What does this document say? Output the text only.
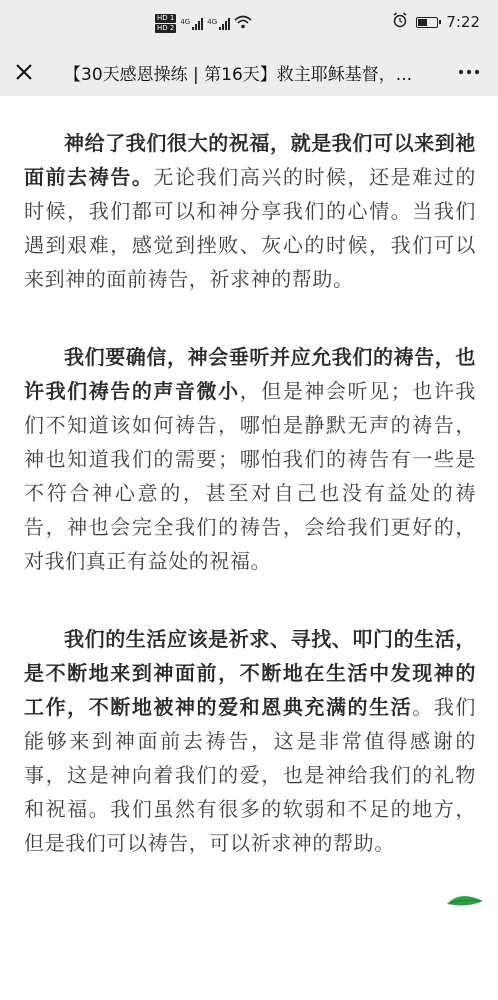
HD 1
HD 2
4G 4G	7:22
【30天感恩操练 | 第16天】救主耶稣基督，...

神给了我们很大的祝福，就是我们可以来到祂面前去祷告。无论我们高兴的时候，还是难过的时候，我们都可以和神分享我们的心情。当我们遇到艰难，感觉到挫败、灰心的时候，我们可以来到神的面前祷告，祈求神的帮助。

我们要确信，神会垂听并应允我们的祷告，也许我们祷告的声音微小，但是神会听见；也许我们不知道该如何祷告，哪怕是静默无声的祷告，神也知道我们的需要；哪怕我们的祷告有一些是不符合神心意的，甚至对自己也没有益处的祷告，神也会完全我们的祷告，会给我们更好的，对我们真正有益处的祝福。

我们的生活应该是祈求、寻找、叩门的生活，是不断地来到神面前，不断地在生活中发现神的工作，不断地被神的爱和恩典充满的生活。我们能够来到神面前去祷告，这是非常值得感谢的事，这是神向着我们的爱，也是神给我们的礼物和祝福。我们虽然有很多的软弱和不足的地方，但是我们可以祷告，可以祈求神的帮助。
